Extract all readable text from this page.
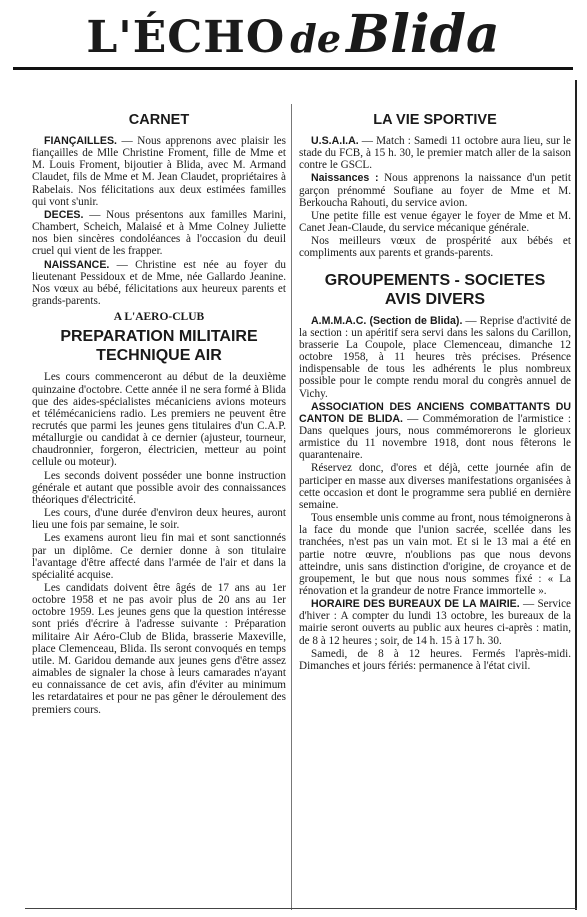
L'ÉCHO de Blida
CARNET

FIANÇAILLES. — Nous apprenons avec plaisir les fiançailles de Mlle Christine Froment, fille de Mme et M. Louis Froment, bijoutier à Blida, avec M. Armand Claudet, fils de Mme et M. Jean Claudet, propriétaires à Rabelais. Nos félicitations aux deux estimées familles qui vont s'unir.

DECES. — Nous présentons aux familles Marini, Chambert, Scheich, Malaisé et à Mme Colney Juliette nos bien sincères condoléances à l'occasion du deuil cruel qui vient de les frapper.

NAISSANCE. — Christine est née au foyer du lieutenant Pessidoux et de Mme, née Gallardo Jeanine. Nos vœux au bébé, félicitations aux heureux parents et grands-parents.

A L'AERO-CLUB
PREPARATION MILITAIRE
TECHNIQUE AIR

Les cours commenceront au début de la deuxième quinzaine d'octobre. Cette année il ne sera formé à Blida que des aides-spécialistes mécaniciens avions moteurs et télémécaniciens radio. Les premiers ne peuvent être recrutés que parmi les jeunes gens titulaires d'un C.A.P. métallurgie ou candidat à ce dernier (ajusteur, tourneur, chaudronnier, forgeron, électricien, metteur au point cellule ou moteur).

Les seconds doivent posséder une bonne instruction générale et autant que possible avoir des connaissances théoriques d'électricité.

Les cours, d'une durée d'environ deux heures, auront lieu une fois par semaine, le soir.

Les examens auront lieu fin mai et sont sanctionnés par un diplôme. Ce dernier donne à son titulaire l'avantage d'être affecté dans l'armée de l'air et dans la spécialité acquise.

Les candidats doivent être âgés de 17 ans au 1er octobre 1958 et ne pas avoir plus de 20 ans au 1er octobre 1959. Les jeunes gens que la question intéresse sont priés d'écrire à l'adresse suivante : Préparation militaire Air Aéro-Club de Blida, brasserie Maxeville, place Clemenceau, Blida. Ils seront convoqués en temps utile. M. Garidou demande aux jeunes gens d'être assez aimables de signaler la chose à leurs camarades n'ayant eu connaissance de cet avis, afin d'éviter au minimum les retardataires et pour ne pas gêner le déroulement des premiers cours.

LA VIE SPORTIVE

U.S.A.I.A. — Match : Samedi 11 octobre aura lieu, sur le stade du FCB, à 15 h. 30, le premier match aller de la saison contre le GSCL.

Naissances : Nous apprenons la naissance d'un petit garçon prénommé Soufiane au foyer de Mme et M. Berkoucha Rahouti, du service avion.

Une petite fille est venue égayer le foyer de Mme et M. Canet Jean-Claude, du service mécanique générale.

Nos meilleurs vœux de prospérité aux bébés et compliments aux parents et grands-parents.

GROUPEMENTS - SOCIETES
AVIS DIVERS

A.M.M.A.C. (Section de Blida). — Reprise d'activité de la section : un apéritif sera servi dans les salons du Carillon, brasserie La Coupole, place Clemenceau, dimanche 12 octobre 1958, à 11 heures très précises. Présence indispensable de tous les adhérents le plus nombreux possible pour le compte rendu moral du congrès annuel de Vichy.

ASSOCIATION DES ANCIENS COMBATTANTS DU CANTON DE BLIDA. — Commémoration de l'armistice : Dans quelques jours, nous commémorerons le glorieux armistice du 11 novembre 1918, dont nous fêterons le quarantenaire.

Réservez donc, d'ores et déjà, cette journée afin de participer en masse aux diverses manifestations organisées à cette occasion et dont le programme sera publié en dernière semaine.

Tous ensemble unis comme au front, nous témoignerons à la face du monde que l'union sacrée, scellée dans les tranchées, n'est pas un vain mot. Et si le 13 mai a été en partie notre œuvre, n'oublions pas que nous devons atteindre, unis sans distinction d'origine, de croyance et de groupement, le but que nous nous sommes fixé : « La rénovation et la grandeur de notre France immortelle ».

HORAIRE DES BUREAUX DE LA MAIRIE. — Service d'hiver : A compter du lundi 13 octobre, les bureaux de la mairie seront ouverts au public aux heures ci-après : matin, de 8 à 12 heures ; soir, de 14 h. 15 à 17 h. 30.

Samedi, de 8 à 12 heures. Fermés l'après-midi. Dimanches et jours fériés: permanence à l'état civil.
